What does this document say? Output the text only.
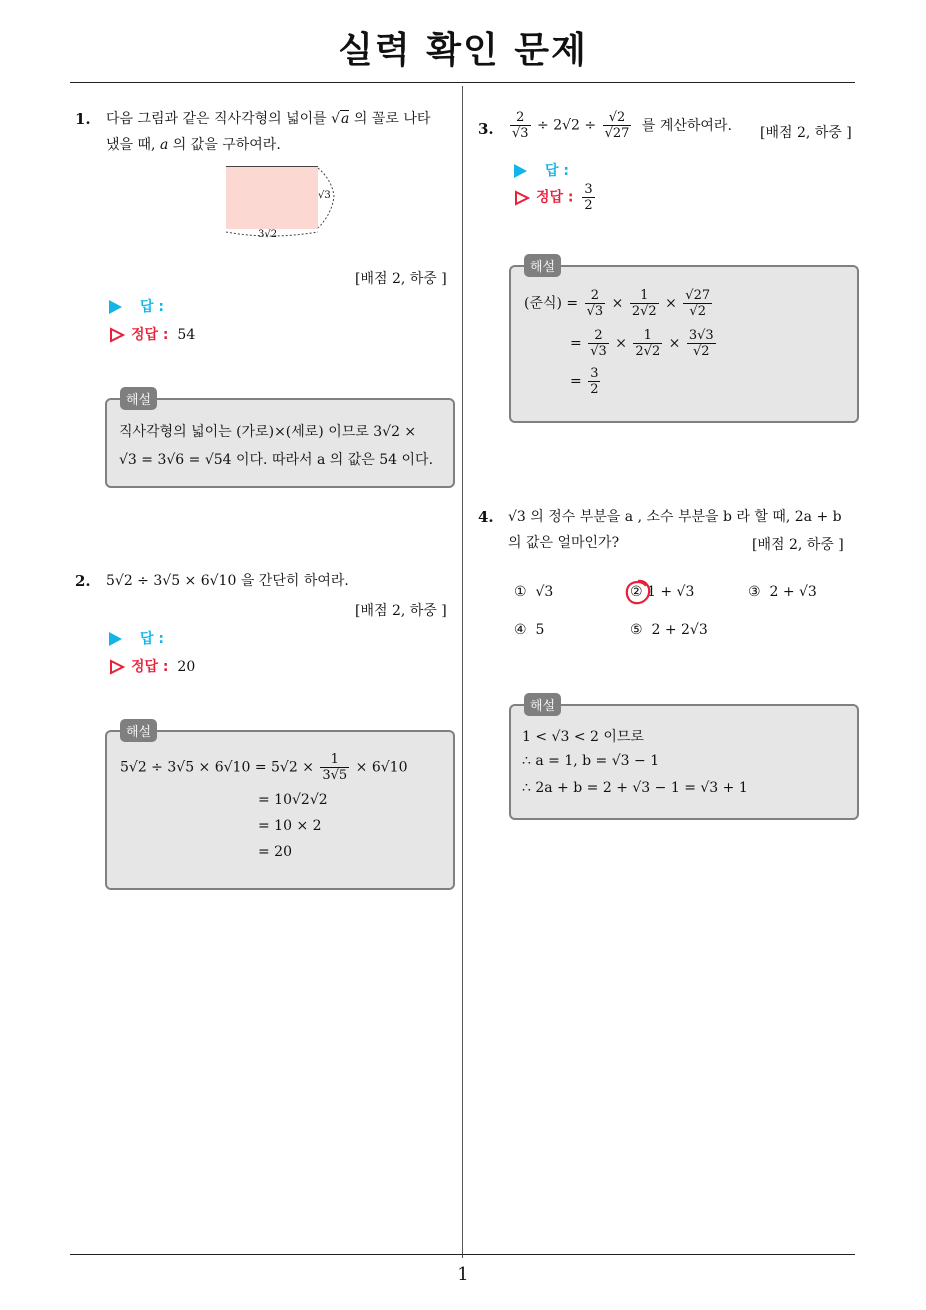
실력 확인 문제
1. 다음 그림과 같은 직사각형의 넓이를 √a 의 꼴로 나타
냈을 때, a 의 값을 구하여라.
√3
3√2
[배점 2, 하중 ]
답 :
정답 : 54
직사각형의 넓이는 (가로)×(세로) 이므로 3√2 ×
√3 = 3√6 = √54 이다. 따라서 a 의 값은 54 이다.
해설
2. 5√2 ÷ 3√5 × 6√10 을 간단히 하여라.
[배점 2, 하중 ]
답 :
정답 : 20
해설
$5√2 \div 3√5 \times 6√10 = 5√2 \times \frac{1}{3√5} \times 6√10$
= 10√2√2
= 10 × 2
= 20
3. $\frac{2}{√3} \div 2√2 \div \frac{√2}{√27}$ 를 계산하여라. [배점 2, 하중 ]
답 :
정답 : $\frac{3}{2}$
해설
(준식) = $\frac{2}{√3} \times \frac{1}{2√2} \times \frac{√27}{√2}$
= $\frac{2}{√3} \times \frac{1}{2√2} \times \frac{3√3}{√2}$
= $\frac{3}{2}$
4. √3 의 정수 부분을 a , 소수 부분을 b 라 할 때, 2a + b
의 값은 얼마인가?	[배점 2, 하중 ]
① √3	② 1 + √3	③ 2 + √3
④ 5	⑤ 2 + 2√3
해설
1 < √3 < 2 이므로
∴ a = 1, b = √3 − 1
∴ 2a + b = 2 + √3 − 1 = √3 + 1
1
